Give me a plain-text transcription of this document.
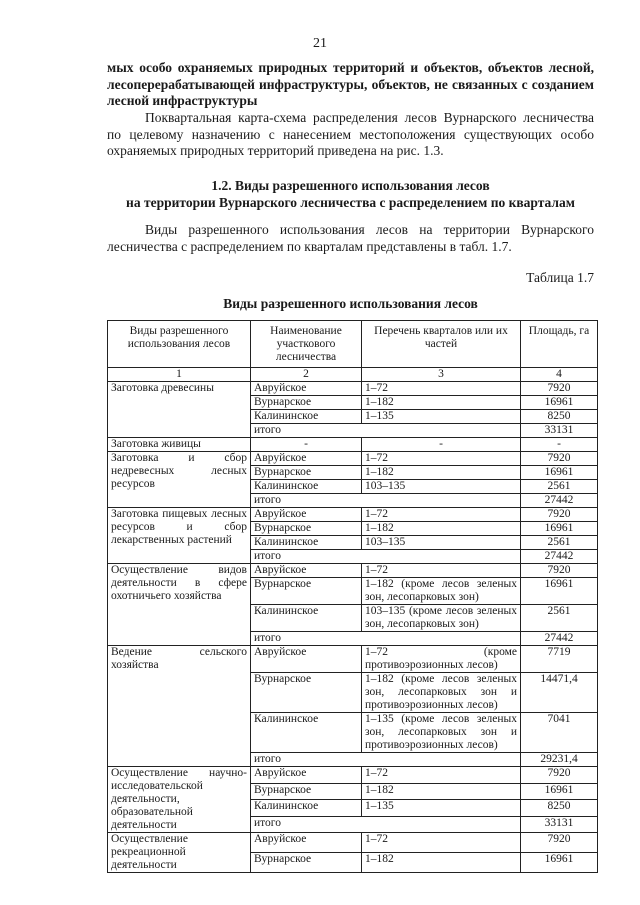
21

мых особо охраняемых природных территорий и объектов, объектов лесной, лесоперерабатывающей инфраструктуры, объектов, не связанных с созданием лесной инфраструктуры

Поквартальная карта-схема распределения лесов Вурнарского лесничества по целевому назначению с нанесением местоположения существующих особо охраняемых природных территорий приведена на рис. 1.3.

1.2. Виды разрешенного использования лесов
на территории Вурнарского лесничества с распределением по кварталам

Виды разрешенного использования лесов на территории Вурнарского лесничества с распределением по кварталам представлены в табл. 1.7.

Таблица 1.7
Виды разрешенного использования лесов
Виды разрешенного использования лесов	Наименование участкового лесничества	Перечень кварталов или их частей	Площадь, га
1	2	3	4
Заготовка древесины	Авруйское	1–72	7920
	Вурнарское	1–182	16961
	Калининское	1–135	8250
	итого		33131
Заготовка живицы	-	-	-
Заготовка и сбор недревесных лесных ресурсов	Авруйское	1–72	7920
	Вурнарское	1–182	16961
	Калининское	103–135	2561
	итого		27442
Заготовка пищевых лесных ресурсов и сбор лекарственных растений	Авруйское	1–72	7920
	Вурнарское	1–182	16961
	Калининское	103–135	2561
	итого		27442
Осуществление видов деятельности в сфере охотничьего хозяйства	Авруйское	1–72	7920
	Вурнарское	1–182 (кроме лесов зеленых зон, лесопарковых зон)	16961
	Калининское	103–135 (кроме лесов зеленых зон, лесопарковых зон)	2561
	итого		27442
Ведение сельского хозяйства	Авруйское	1–72 (кроме противоэрозионных лесов)	7719
	Вурнарское	1–182 (кроме лесов зеленых зон, лесопарковых зон и противоэрозионных лесов)	14471,4
	Калининское	1–135 (кроме лесов зеленых зон, лесопарковых зон и противоэрозионных лесов)	7041
	итого		29231,4
Осуществление научно-исследовательской деятельности, образовательной деятельности	Авруйское	1–72	7920
	Вурнарское	1–182	16961
	Калининское	1–135	8250
	итого		33131
Осуществление рекреационной деятельности	Авруйское	1–72	7920
	Вурнарское	1–182	16961
